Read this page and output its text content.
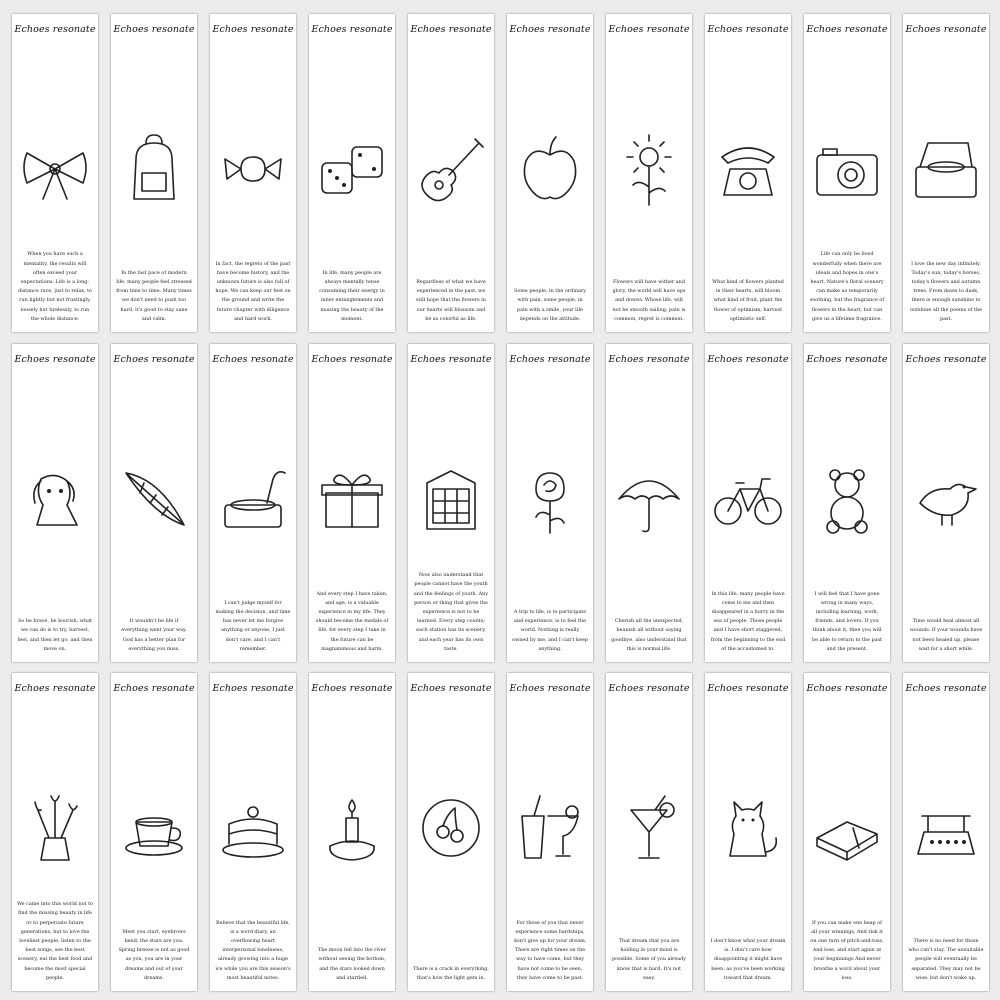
Echoes resonate
When you have such a mentality, the results will often exceed your expectations. Life is a long-distance race, just to relax, to run lightly but not frustingly, loosely but tirelessly, to run the whole distance.
Echoes resonate
In the fast pace of modern life, many people feel stressed from time to time. Many times we don't need to push too hard, it's good to stay sane and calm.
Echoes resonate
In fact, the regrets of the past have become history, and the unknown future is also full of hope. We can keep our feet on the ground and write the future chapter with diligence and hard work.
Echoes resonate
In life, many people are always mentally tense consuming their energy in inner entanglements and missing the beauty of the moment.
Echoes resonate
Regardless of what we have experienced in the past, we still hope that the flowers in our hearts will blossom and be as colorful as life.
Echoes resonate
Some people, in the ordinary with pain, some people, in pain with a smile, your life depends on the attitude.
Echoes resonate
Flowers will have wither and glory, the world will have ups and downs. Whose life, will not be smooth sailing, pain is common, regret is common.
Echoes resonate
What kind of flowers planted in their hearts, will bloom what kind of fruit, plant the flower of optimism, harvest optimistic self.
Echoes resonate
Life can only be lived wonderfully when there are ideals and hopes in one's heart. Nature's floral scenery can make us temporarily soothing, but the fragrance of flowers in the heart, but can give us a lifetime fragrance.
Echoes resonate
I love the new day infinitely. Today's sun, today's horses, today's flowers and autumn trees. From dawn to dusk, there is enough sunshine to outshine all the poems of the past.
Echoes resonate
So be brave, be boorish, what we can do is to try, harvest, feel, and then let go, and then move on.
Echoes resonate
It wouldn't be life if everything went your way. God has a better plan for everything you miss.
Echoes resonate
I can't judge myself for making the decision, and time has never let me forgive anything or anyone, I just don't care, and I can't remember.
Echoes resonate
And every step I have taken, and age, is a valuable experience in my life. They should become the medals of life, for every step I take in the future can be magnanimous and harm.
Echoes resonate
Now also understand that people cannot have the youth and the feelings of youth. Any person or thing that gives the experience is not to be learned. Every step counts; each station has its scenery, and each year has its own taste.
Echoes resonate
A trip to life, is to participate and experience, is to feel the world. Nothing is really owned by me, and I can't keep anything.
Echoes resonate
Cherish all the unexpected, beanish all without saying goodbye, also understand that this is normal life.
Echoes resonate
In this life, many people have come to me and then disappeared in a hurry in the sea of people. Those people and I have short staggered, from the beginning to the end of the accustomed to.
Echoes resonate
I will feel that I have gone wrong in many ways, including learning, work, friends, and lovers. If you think about it, then you will be able to return to the past and the present.
Echoes resonate
Time would heal almost all wounds. If your wounds have not been healed up, please wait for a short while.
Echoes resonate
We came into this world not to find the missing beauty in life or to perpetuate future generations, but to love the loveliest people, listen to the best songs, see the best scenery, eat the best food and become the most special people.
Echoes resonate
Meet you start, eyebrows bend, the stars are you. Spring breeze is not as good as you, you are in your dreams and out of your dreams.
Echoes resonate
Believe that the beautiful life, is a word diary, an overflowing heart interpersonal loneliness, already growing into a huge ice while you are this season's most beautiful notes.
Echoes resonate
The moon fell into the river without seeing the bottom, and the stars looked down and startled.
Echoes resonate
There is a crack in everything, that's how the light gets in.
Echoes resonate
For those of you that never experience some hardships, don't give up for your dream. There are right times on the way to have come, but they have not come to be seen, they have come to be past.
Echoes resonate
That dream that you are holding in your mind is possible. Some of you already know that is hard. It's not easy.
Echoes resonate
I don't know what your dream is. I don't care how disappointing it might have been, as you've been working toward that dream.
Echoes resonate
If you can make one heap of all your winnings, And risk it on one turn of pitch-and-toss, And lose, and start again at your beginnings And never breathe a word about your loss.
Echoes resonate
There is no need for those who can't stay. The unsuitable people will eventually be separated. They may not be wise, but don't wake up.
